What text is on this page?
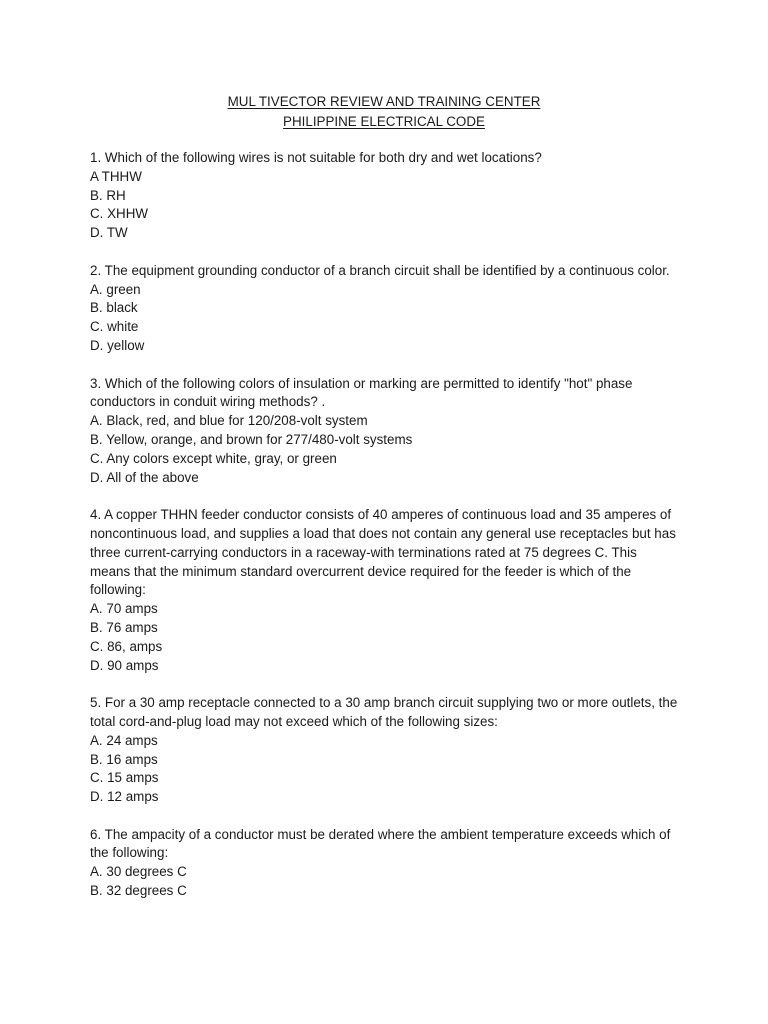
MUL TIVECTOR REVIEW AND TRAINING CENTER
PHILIPPINE ELECTRICAL CODE
1. Which of the following wires is not suitable for both dry and wet locations?
A THHW
B. RH
C. XHHW
D. TW
2. The equipment grounding conductor of a branch circuit shall be identified by a continuous color.
A. green
B. black
C. white
D. yellow
3. Which of the following colors of insulation or marking are permitted to identify "hot" phase conductors in conduit wiring methods? .
A. Black, red, and blue for 120/208-volt system
B. Yellow, orange, and brown for 277/480-volt systems
C. Any colors except white, gray, or green
D. All of the above
4. A copper THHN feeder conductor consists of 40 amperes of continuous load and 35 amperes of noncontinuous load, and supplies a load that does not contain any general use receptacles but has three current-carrying conductors in a raceway-with terminations rated at 75 degrees C. This means that the minimum standard overcurrent device required for the feeder is which of the following:
A. 70 amps
B. 76 amps
C. 86, amps
D. 90 amps
5. For a 30 amp receptacle connected to a 30 amp branch circuit supplying two or more outlets, the total cord-and-plug load may not exceed which of the following sizes:
A. 24 amps
B. 16 amps
C. 15 amps
D. 12 amps
6. The ampacity of a conductor must be derated where the ambient temperature exceeds which of the following:
A. 30 degrees C
B. 32 degrees C
